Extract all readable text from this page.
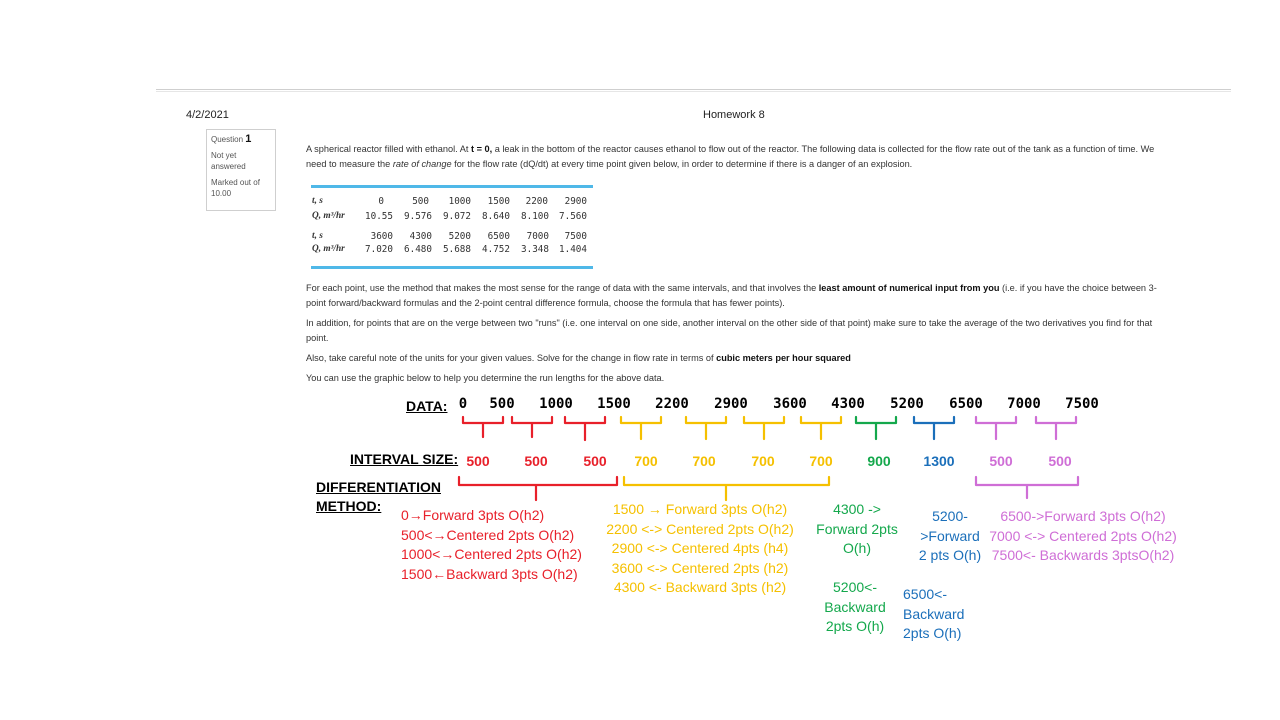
4/2/2021	Homework 8

Question 1

Not yet answered

Marked out of 10.00

A spherical reactor filled with ethanol. At t = 0, a leak in the bottom of the reactor causes ethanol to flow out of the reactor. The following data is collected for the flow rate out of the tank as a function of time. We need to measure the rate of change for the flow rate (dQ/dt) at every time point given below, in order to determine if there is a danger of an explosion.
t, s	0	500	1000	1500	2200	2900
Q, m³/hr	10.55	9.576	9.072	8.640	8.100	7.560
t, s	3600	4300	5200	6500	7000	7500
Q, m³/hr	7.020	6.480	5.688	4.752	3.348	1.404
For each point, use the method that makes the most sense for the range of data with the same intervals, and that involves the least amount of numerical input from you (i.e. if you have the choice between 3-point forward/backward formulas and the 2-point central difference formula, choose the formula that has fewer points).
In addition, for points that are on the verge between two "runs" (i.e. one interval on one side, another interval on the other side of that point) make sure to take the average of the two derivatives you find for that point.
Also, take careful note of the units for your given values. Solve for the change in flow rate in terms of cubic meters per hour squared
You can use the graphic below to help you determine the run lengths for the above data.
DATA: 0 500 1000 1500 2200 2900 3600 4300 5200 6500 7000 7500
INTERVAL SIZE: 500 500	500 700 700	700 700 900 1300 500	500
DIFFERENTIATION
METHOD:
0→Forward 3pts O(h2)
500<→Centered 2pts O(h2)
1000<→Centered 2pts O(h2)
1500←Backward 3pts O(h2)
1500 → Forward 3pts O(h2)
2200 <-> Centered 2pts O(h2)
2900 <-> Centered 4pts (h4)
3600 <-> Centered 2pts (h2)
4300 <- Backward 3pts (h2)
4300 ->
Forward 2pts
O(h)
5200<-
Backward
2pts O(h)
5200-
>Forward
2 pts O(h)
6500<-
Backward
2pts O(h)
6500->Forward 3pts O(h2)
7000 <-> Centered 2pts O(h2)
7500<- Backwards 3ptsO(h2)
